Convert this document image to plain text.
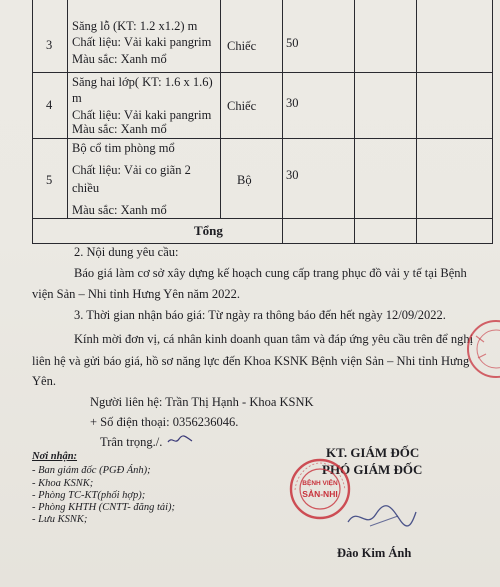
3
Săng lỗ (KT: 1.2 x1.2) m
Chất liệu: Vải kaki pangrim
Màu sắc: Xanh mổ
Chiếc 50
4
Săng hai lớp( KT: 1.6 x 1.6)
m
Chất liệu: Vải kaki pangrim
Màu sắc: Xanh mổ
Chiếc 30
5
Bộ cổ tim phòng mổ
Chất liệu: Vải co giãn 2
chiều
Màu sắc: Xanh mổ
Bộ	30
Tổng
2. Nội dung yêu cầu:
Báo giá làm cơ sở xây dựng kế hoạch cung cấp trang phục đồ vải y tế tại Bệnh
viện Sản – Nhi tỉnh Hưng Yên năm 2022.
3. Thời gian nhận báo giá: Từ ngày ra thông báo đến hết ngày 12/09/2022.
Kính mời đơn vị, cá nhân kinh doanh quan tâm và đáp ứng yêu cầu trên để nghị
liên hệ và gửi báo giá, hồ sơ năng lực đến Khoa KSNK Bệnh viện Sản – Nhi tỉnh Hưng
Yên.
Người liên hệ: Trần Thị Hạnh - Khoa KSNK
+ Số điện thoại: 0356236046.
Trân trọng./.
Nơi nhận:
- Ban giám đốc (PGĐ Ánh);
- Khoa KSNK;
- Phòng TC-KT(phối hợp);
- Phòng KHTH (CNTT- đăng tải);
- Lưu KSNK;
KT. GIÁM ĐỐC
PHÓ GIÁM ĐỐC
Đào Kim Ánh
BỆNH VIỆN
SẢN-NHI
